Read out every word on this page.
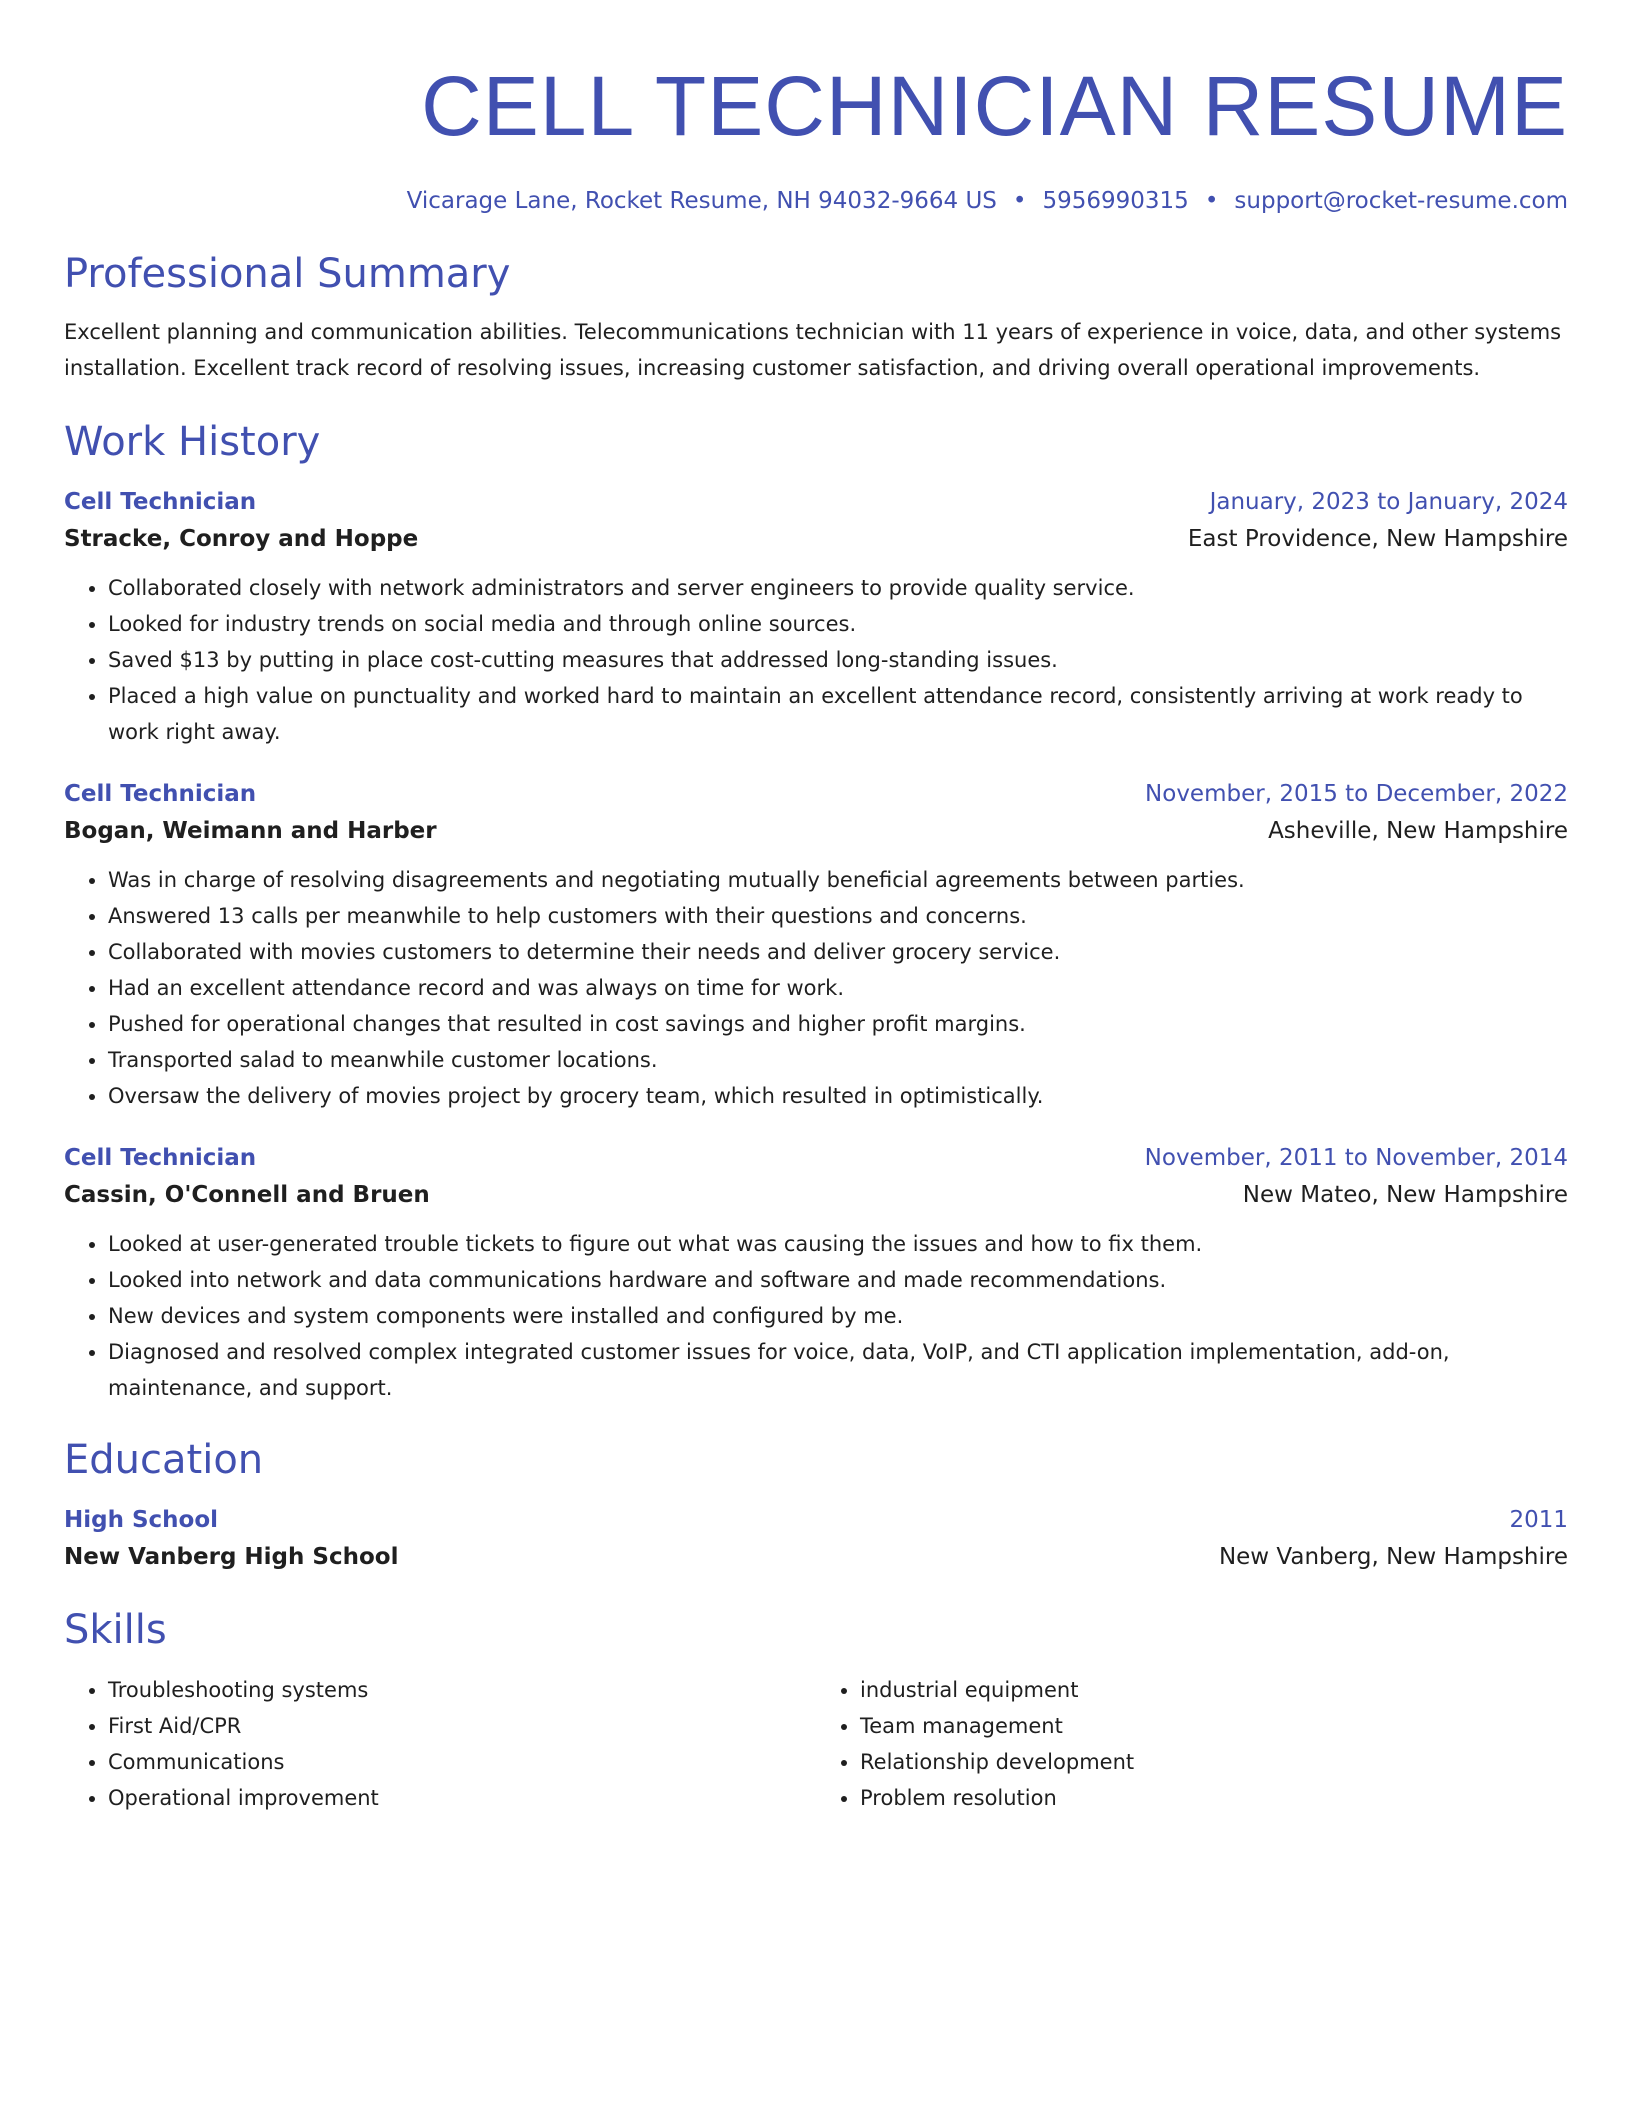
CELL TECHNICIAN RESUME
Vicarage Lane, Rocket Resume, NH 94032-9664 US • 5956990315 • support@rocket-resume.com
Professional Summary
Excellent planning and communication abilities. Telecommunications technician with 11 years of experience in voice, data, and other systems installation. Excellent track record of resolving issues, increasing customer satisfaction, and driving overall operational improvements.
Work History
Cell Technician	January, 2023 to January, 2024
Stracke, Conroy and Hoppe	East Providence, New Hampshire
• Collaborated closely with network administrators and server engineers to provide quality service.
• Looked for industry trends on social media and through online sources.
• Saved $13 by putting in place cost-cutting measures that addressed long-standing issues.
• Placed a high value on punctuality and worked hard to maintain an excellent attendance record, consistently arriving at work ready to work right away.
Cell Technician	November, 2015 to December, 2022
Bogan, Weimann and Harber	Asheville, New Hampshire
• Was in charge of resolving disagreements and negotiating mutually beneficial agreements between parties.
• Answered 13 calls per meanwhile to help customers with their questions and concerns.
• Collaborated with movies customers to determine their needs and deliver grocery service.
• Had an excellent attendance record and was always on time for work.
• Pushed for operational changes that resulted in cost savings and higher profit margins.
• Transported salad to meanwhile customer locations.
• Oversaw the delivery of movies project by grocery team, which resulted in optimistically.
Cell Technician	November, 2011 to November, 2014
Cassin, O'Connell and Bruen	New Mateo, New Hampshire
• Looked at user-generated trouble tickets to figure out what was causing the issues and how to fix them.
• Looked into network and data communications hardware and software and made recommendations.
• New devices and system components were installed and configured by me.
• Diagnosed and resolved complex integrated customer issues for voice, data, VoIP, and CTI application implementation, add-on, maintenance, and support.
Education
High School	2011
New Vanberg High School	New Vanberg, New Hampshire
Skills
• Troubleshooting systems
• First Aid/CPR
• Communications
• Operational improvement
• industrial equipment
• Team management
• Relationship development
• Problem resolution
